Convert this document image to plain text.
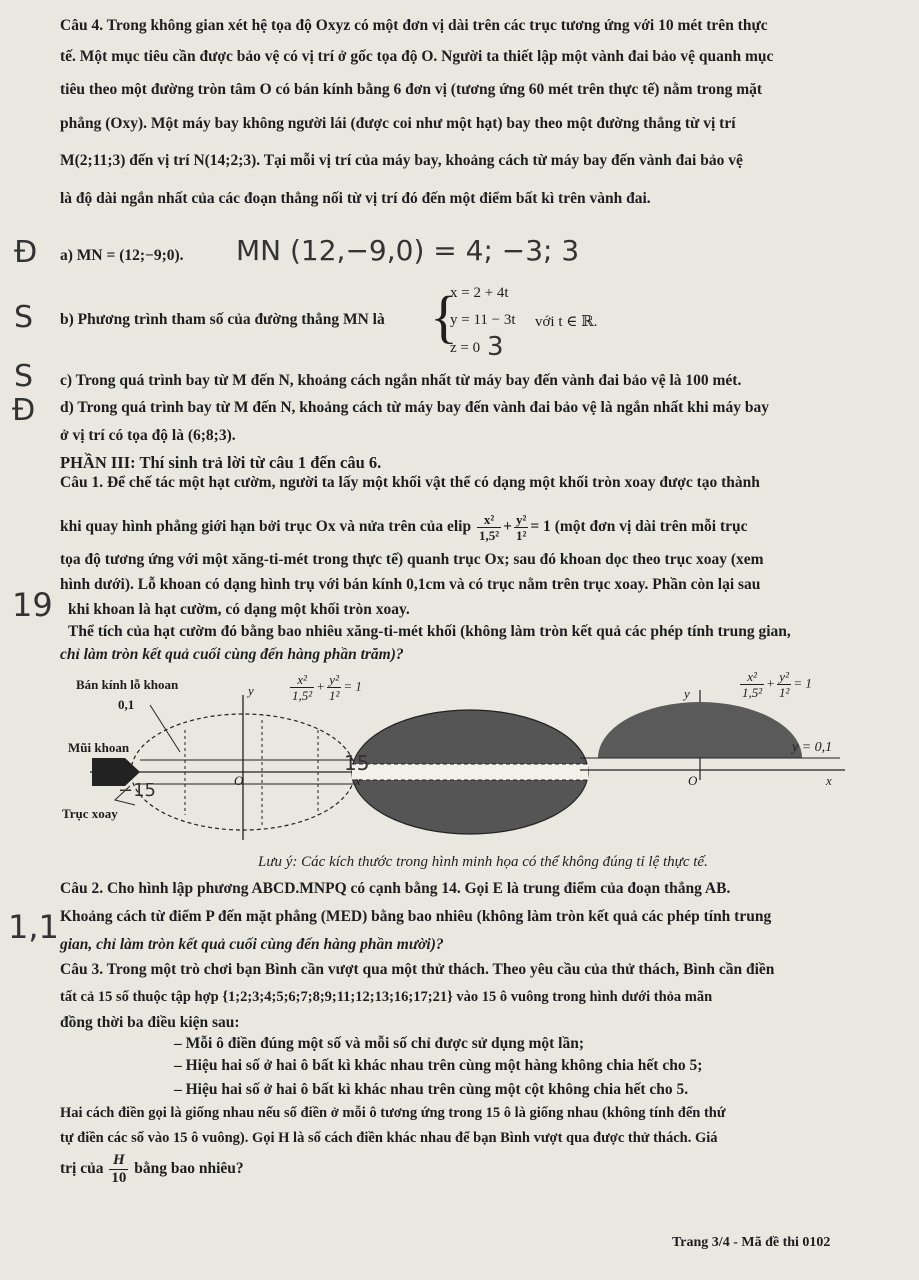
Câu 4. Trong không gian xét hệ tọa độ Oxyz có một đơn vị dài trên các trục tương ứng với 10 mét trên thực
tế. Một mục tiêu cần được bảo vệ có vị trí ở gốc tọa độ O. Người ta thiết lập một vành đai bảo vệ quanh mục
tiêu theo một đường tròn tâm O có bán kính bằng 6 đơn vị (tương ứng 60 mét trên thực tế) nằm trong mặt
phẳng (Oxy). Một máy bay không người lái (được coi như một hạt) bay theo một đường thẳng từ vị trí
M(2;11;3) đến vị trí N(14;2;3). Tại mỗi vị trí của máy bay, khoảng cách từ máy bay đến vành đai bảo vệ
là độ dài ngắn nhất của các đoạn thẳng nối từ vị trí đó đến một điểm bất kì trên vành đai.
Đ a) MN = (12;−9;0). MN (12,−9,0) = 4; −3; 3
S b) Phương trình tham số của đường thẳng MN là {
x = 2 + 4t
y = 11 − 3t
z = 0 3
với t ∈ ℝ.
S c) Trong quá trình bay từ M đến N, khoảng cách ngắn nhất từ máy bay đến vành đai bảo vệ là 100 mét.
Đ d) Trong quá trình bay từ M đến N, khoảng cách từ máy bay đến vành đai bảo vệ là ngắn nhất khi máy bay
ở vị trí có tọa độ là (6;8;3).
PHẦN III: Thí sinh trả lời từ câu 1 đến câu 6.
Câu 1. Để chế tác một hạt cườm, người ta lấy một khối vật thể có dạng một khối tròn xoay được tạo thành
khi quay hình phẳng giới hạn bởi trục Ox và nửa trên của elip $\frac{\text{x²}}{\text{1,5²}} + \frac{\text{y²}}{\text{1²}} = 1$ (một đơn vị dài trên mỗi trục
tọa độ tương ứng với một xăng-ti-mét trong thực tế) quanh trục Ox; sau đó khoan dọc theo trục xoay (xem
hình dưới). Lỗ khoan có dạng hình trụ với bán kính 0,1cm và có trục nằm trên trục xoay. Phần còn lại sau
19 khi khoan là hạt cườm, có dạng một khối tròn xoay.
Thể tích của hạt cườm đó bằng bao nhiêu xăng-ti-mét khối (không làm tròn kết quả các phép tính trung gian,
chỉ làm tròn kết quả cuối cùng đến hàng phần trăm)?
Bán kính lỗ khoan
0,1
Mũi khoan
Trục xoay
y
O	x
$\frac{\text{x²}}{\text{1,5²}} + \frac{\text{y²}}{\text{1²}} = 1$
−15
15
y	$\frac{\text{x²}}{\text{1,5²}} + \frac{\text{y²}}{\text{1²}} = 1$
y = 0,1
O	x
Lưu ý: Các kích thước trong hình minh họa có thể không đúng tỉ lệ thực tế.
Câu 2. Cho hình lập phương ABCD.MNPQ có cạnh bằng 14. Gọi E là trung điểm của đoạn thẳng AB.
1,1 Khoảng cách từ điểm P đến mặt phẳng (MED) bằng bao nhiêu (không làm tròn kết quả các phép tính trung
gian, chỉ làm tròn kết quả cuối cùng đến hàng phần mười)?
Câu 3. Trong một trò chơi bạn Bình cần vượt qua một thử thách. Theo yêu cầu của thử thách, Bình cần điền
tất cả 15 số thuộc tập hợp {1;2;3;4;5;6;7;8;9;11;12;13;16;17;21} vào 15 ô vuông trong hình dưới thỏa mãn
đồng thời ba điều kiện sau:
– Mỗi ô điền đúng một số và mỗi số chỉ được sử dụng một lần;
– Hiệu hai số ở hai ô bất kì khác nhau trên cùng một hàng không chia hết cho 5;
– Hiệu hai số ở hai ô bất kì khác nhau trên cùng một cột không chia hết cho 5.
Hai cách điền gọi là giống nhau nếu số điền ở mỗi ô tương ứng trong 15 ô là giống nhau (không tính đến thứ
tự điền các số vào 15 ô vuông). Gọi H là số cách điền khác nhau để bạn Bình vượt qua được thử thách. Giá
trị của $\frac{H}{10}$ bằng bao nhiêu?
Trang 3/4 - Mã đề thi 0102
